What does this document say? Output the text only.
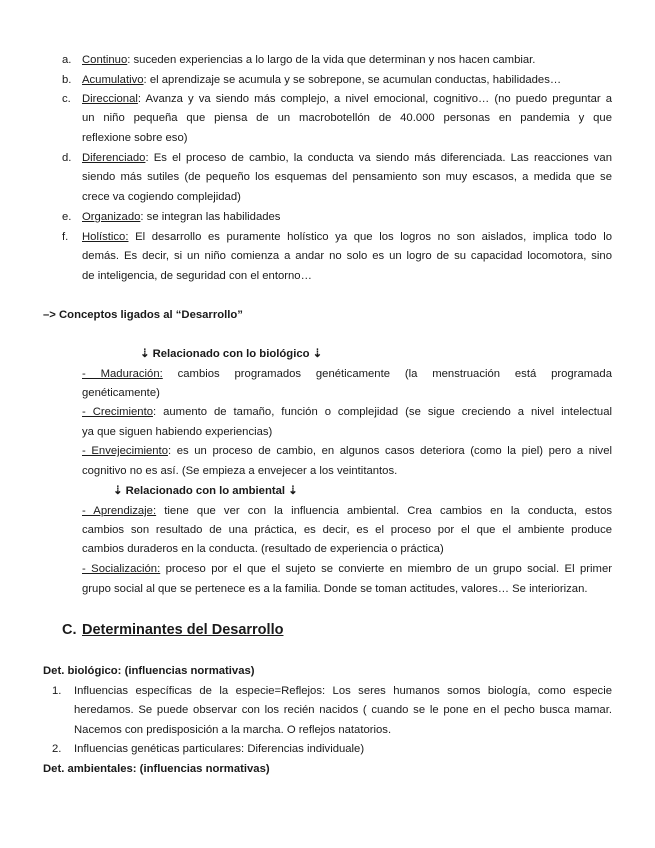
a. Continuo: suceden experiencias a lo largo de la vida que determinan y nos hacen cambiar.
b. Acumulativo: el aprendizaje se acumula y se sobrepone, se acumulan conductas, habilidades…
c. Direccional: Avanza y va siendo más complejo, a nivel emocional, cognitivo… (no puedo preguntar a
un niño pequeña que piensa de un macrobotellón de 40.000 personas en pandemia y que
reflexione sobre eso)
d. Diferenciado: Es el proceso de cambio, la conducta va siendo más diferenciada. Las reacciones van
siendo más sutiles (de pequeño los esquemas del pensamiento son muy escasos, a medida que se
crece va cogiendo complejidad)
e. Organizado: se integran las habilidades
f. Holístico: El desarrollo es puramente holístico ya que los logros no son aislados, implica todo lo
demás. Es decir, si un niño comienza a andar no solo es un logro de su capacidad locomotora, sino
de inteligencia, de seguridad con el entorno…
–> Conceptos ligados al “Desarrollo”
⇣ Relacionado con lo biológico ⇣
- Maduración: cambios programados genéticamente (la menstruación está programada
genéticamente)
- Crecimiento: aumento de tamaño, función o complejidad (se sigue creciendo a nivel intelectual
ya que siguen habiendo experiencias)
- Envejecimiento: es un proceso de cambio, en algunos casos deteriora (como la piel) pero a nivel
cognitivo no es así. (Se empieza a envejecer a los veintitantos.
⇣ Relacionado con lo ambiental ⇣
- Aprendizaje: tiene que ver con la influencia ambiental. Crea cambios en la conducta, estos
cambios son resultado de una práctica, es decir, es el proceso por el que el ambiente produce
cambios duraderos en la conducta. (resultado de experiencia o práctica)
- Socialización: proceso por el que el sujeto se convierte en miembro de un grupo social. El primer
grupo social al que se pertenece es a la familia. Donde se toman actitudes, valores… Se interiorizan.
C. Determinantes del Desarrollo
Det. biológico: (influencias normativas)
1. Influencias específicas de la especie=Reflejos: Los seres humanos somos biología, como especie
heredamos. Se puede observar con los recién nacidos ( cuando se le pone en el pecho busca mamar.
Nacemos con predisposición a la marcha. O reflejos natatorios.
2. Influencias genéticas particulares: Diferencias individuale)
Det. ambientales: (influencias normativas)
